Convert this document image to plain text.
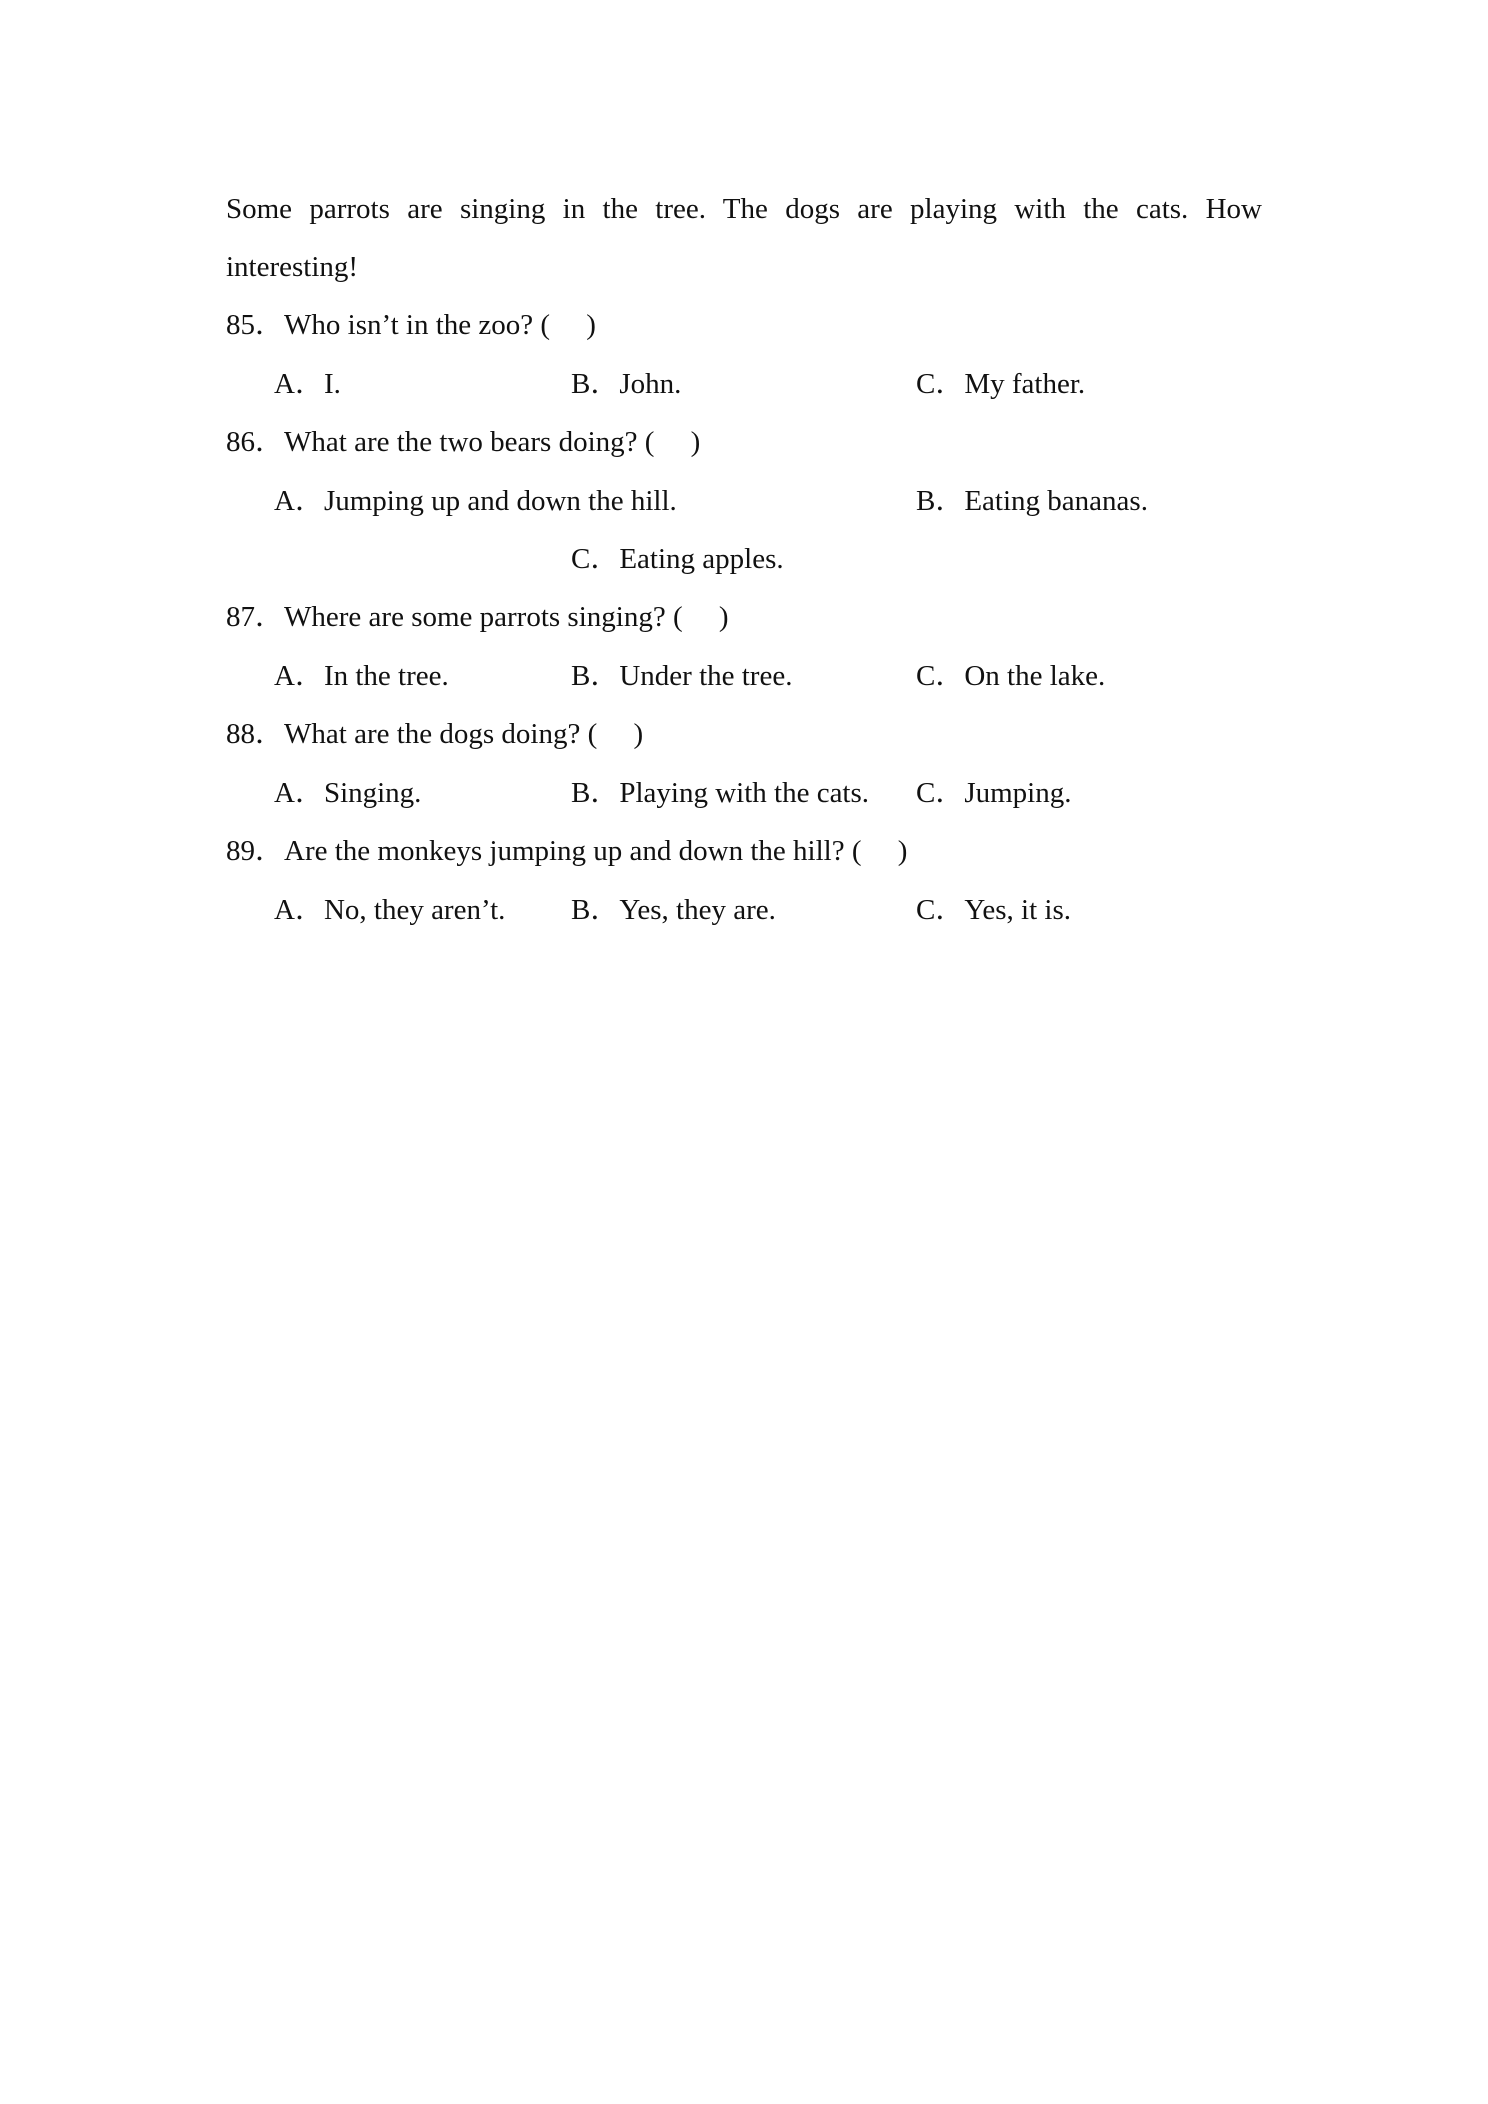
Some parrots are singing in the tree. The dogs are playing with the cats. How
interesting!
85．Who isn’t in the zoo? (　 )
A．I.	B．John.	C．My father.
86．What are the two bears doing? (　 )
A．Jumping up and down the hill.	B．Eating bananas.
C．Eating apples.
87．Where are some parrots singing? (　 )
A．In the tree.	B．Under the tree.	C．On the lake.
88．What are the dogs doing? (　 )
A．Singing.	B．Playing with the cats. C．Jumping.
89．Are the monkeys jumping up and down the hill? (　 )
A．No, they aren’t. B．Yes, they are.	C．Yes, it is.
